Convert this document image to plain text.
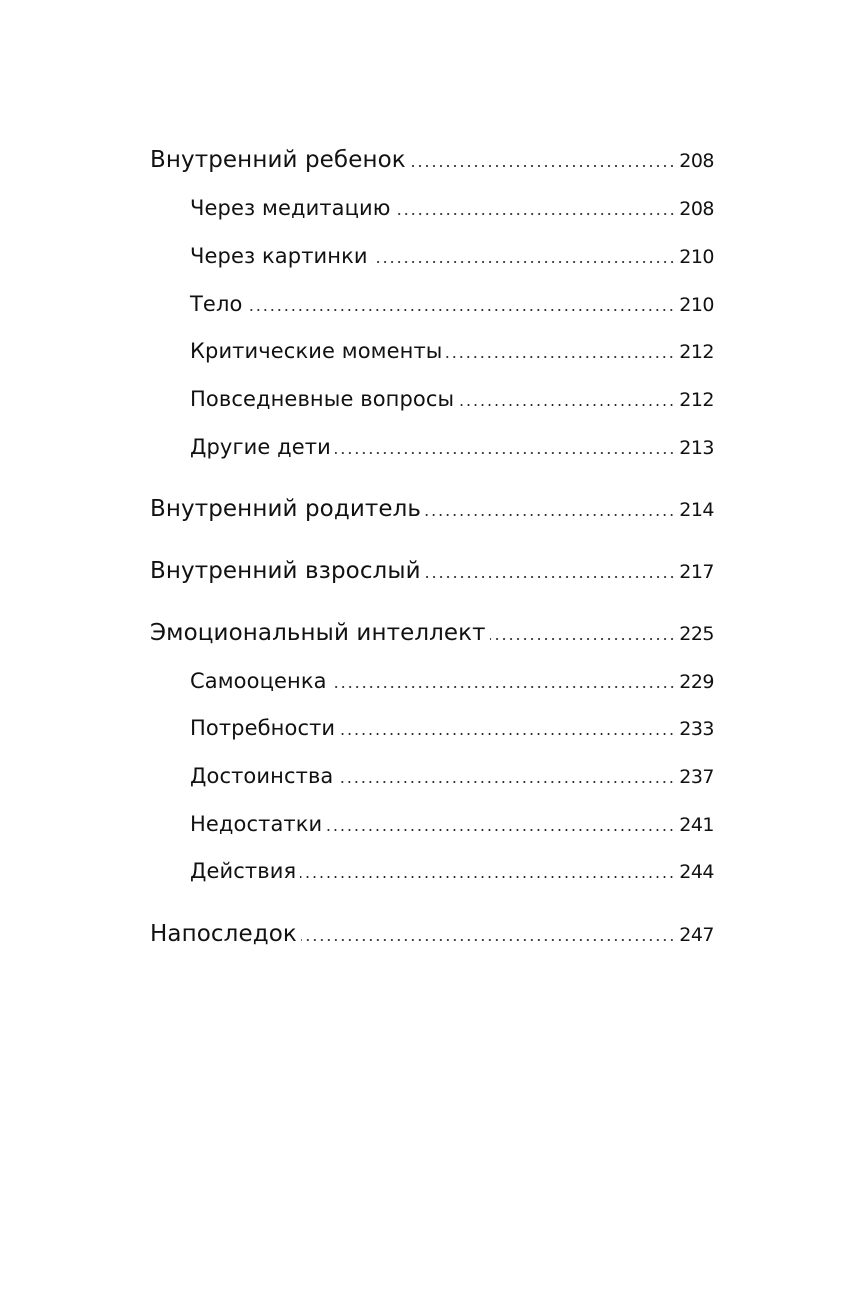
Внутренний ребенок	208
Через медитацию	208
Через картинки	210
Тело	210
Критические моменты	212
Повседневные вопросы	212
Другие дети	213
Внутренний родитель	214
Внутренний взрослый	217
Эмоциональный интеллект	225
Самооценка	229
Потребности	233
Достоинства	237
Недостатки	241
Действия	244
Напоследок	247
